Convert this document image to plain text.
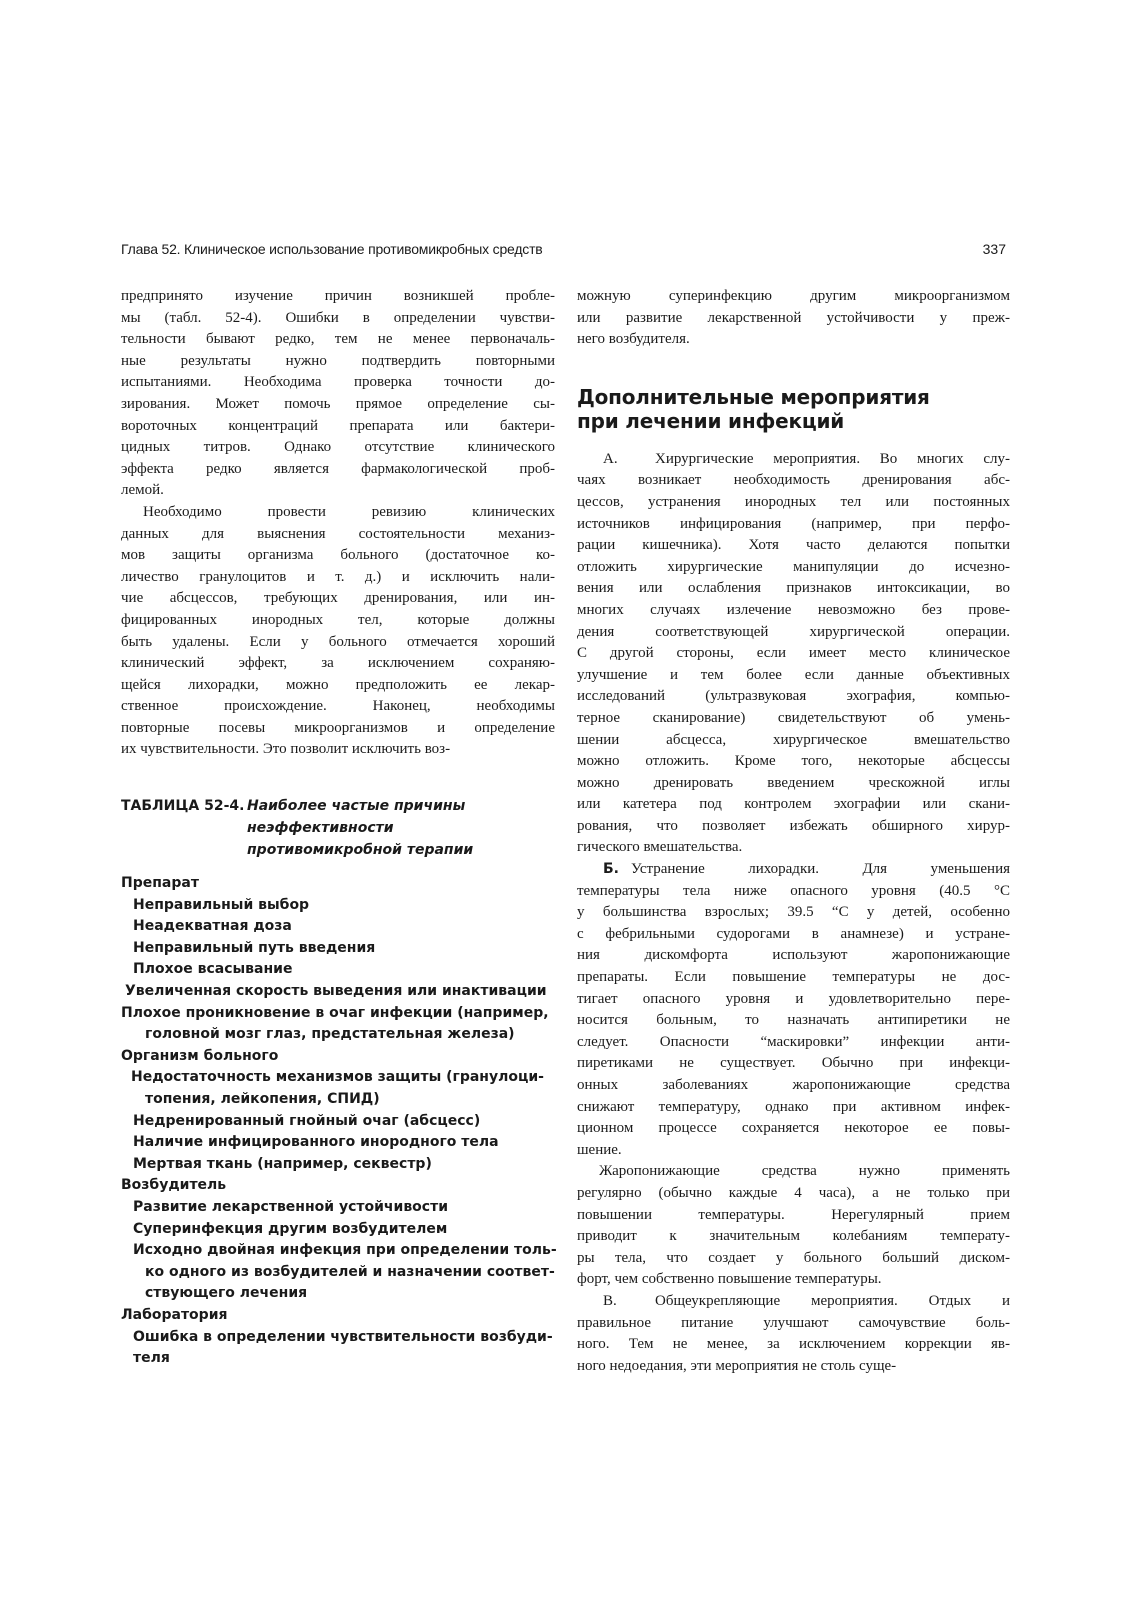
Глава 52. Клиническое использование противомикробных средств	337
предпринято изучение причин возникшей пробле-
мы (табл. 52-4). Ошибки в определении чувстви-
тельности бывают редко, тем не менее первоначаль-
ные результаты нужно подтвердить повторными
испытаниями. Необходима проверка точности до-
зирования. Может помочь прямое определение сы-
вороточных концентраций препарата или бактери-
цидных титров. Однако отсутствие клинического
эффекта редко является фармакологической проб-
лемой.
Необходимо провести ревизию клинических
данных для выяснения состоятельности механиз-
мов защиты организма больного (достаточное ко-
личество гранулоцитов и т. д.) и исключить нали-
чие абсцессов, требующих дренирования, или ин-
фицированных инородных тел, которые должны
быть удалены. Если у больного отмечается хороший
клинический эффект, за исключением сохраняю-
щейся лихорадки, можно предположить ее лекар-
ственное происхождение. Наконец, необходимы
повторные посевы микроорганизмов и определение
их чувствительности. Это позволит исключить воз-
ТАБЛИЦА 52-4. Наиболее частые причины
неэффективности
противомикробной терапии
Препарат
Неправильный выбор
Неадекватная доза
Неправильный путь введения
Плохое всасывание
Увеличенная скорость выведения или инактивации
Плохое проникновение в очаг инфекции (например,
головной мозг глаз, предстательная железа)
Организм больного
Недостаточность механизмов защиты (гранулоци-
топения, лейкопения, СПИД)
Недренированный гнойный очаг (абсцесс)
Наличие инфицированного инородного тела
Мертвая ткань (например, секвестр)
Возбудитель
Развитие лекарственной устойчивости
Суперинфекция другим возбудителем
Исходно двойная инфекция при определении толь-
ко одного из возбудителей и назначении соответ-
ствующего лечения
Лаборатория
Ошибка в определении чувствительности возбуди-
теля
можную суперинфекцию другим микроорганизмом
или развитие лекарственной устойчивости у преж-
него возбудителя.
Дополнительные мероприятия
при лечении инфекций
А. Хирургические мероприятия. Во многих слу-
чаях возникает необходимость дренирования абс-
цессов, устранения инородных тел или постоянных
источников инфицирования (например, при перфо-
рации кишечника). Хотя часто делаются попытки
отложить хирургические манипуляции до исчезно-
вения или ослабления признаков интоксикации, во
многих случаях излечение невозможно без прове-
дения соответствующей хирургической операции.
С другой стороны, если имеет место клиническое
улучшение и тем более если данные объективных
исследований (ультразвуковая эхография, компью-
терное сканирование) свидетельствуют об умень-
шении абсцесса, хирургическое вмешательство
можно отложить. Кроме того, некоторые абсцессы
можно дренировать введением чрескожной иглы
или катетера под контролем эхографии или скани-
рования, что позволяет избежать обширного хирур-
гического вмешательства.
Б. Устранение лихорадки. Для уменьшения
температуры тела ниже опасного уровня (40.5 °С
у большинства взрослых; 39.5 “С у детей, особенно
с фебрильными судорогами в анамнезе) и устране-
ния дискомфорта используют жаропонижающие
препараты. Если повышение температуры не дос-
тигает опасного уровня и удовлетворительно пере-
носится больным, то назначать антипиретики не
следует. Опасности “маскировки” инфекции анти-
пиретиками не существует. Обычно при инфекци-
онных заболеваниях жаропонижающие средства
снижают температуру, однако при активном инфек-
ционном процессе сохраняется некоторое ее повы-
шение.
Жаропонижающие средства нужно применять
регулярно (обычно каждые 4 часа), а не только при
повышении температуры. Нерегулярный прием
приводит к значительным колебаниям температу-
ры тела, что создает у больного больший диском-
форт, чем собственно повышение температуры.
В.	Общеукрепляющие мероприятия. Отдых и
правильное питание улучшают самочувствие боль-
ного. Тем не менее, за исключением коррекции яв-
ного недоедания, эти мероприятия не столь суще-
